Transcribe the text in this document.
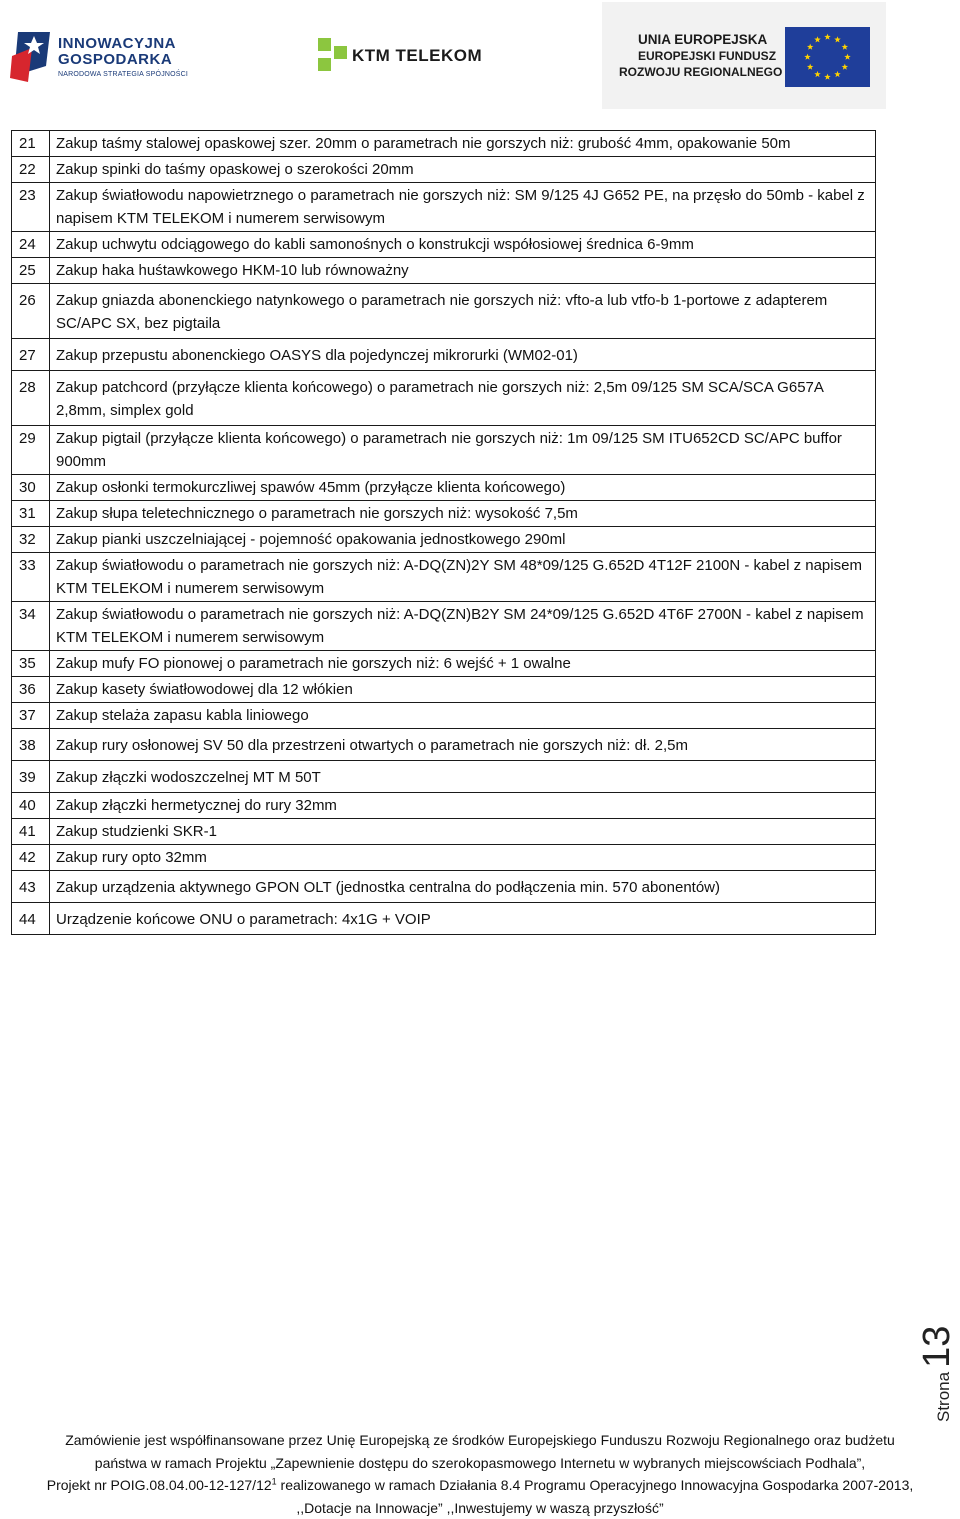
INNOWACYJNA
GOSPODARKA
NARODOWA STRATEGIA SPÓJNOŚCI
KTM TELEKOM
UNIA EUROPEJSKA
EUROPEJSKI FUNDUSZ
ROZWOJU REGIONALNEGO
21	Zakup taśmy stalowej opaskowej szer. 20mm o parametrach nie gorszych niż: grubość 4mm, opakowanie 50m
22	Zakup spinki do taśmy opaskowej o szerokości 20mm
23	Zakup światłowodu napowietrznego o parametrach nie gorszych niż: SM 9/125 4J G652 PE, na przęsło do 50mb - kabel z napisem KTM TELEKOM i numerem serwisowym
24	Zakup uchwytu odciągowego do kabli samonośnych o konstrukcji współosiowej średnica 6-9mm
25	Zakup haka huśtawkowego HKM-10 lub równoważny
26	Zakup gniazda abonenckiego natynkowego o parametrach nie gorszych niż: vfto-a lub vtfo-b 1-portowe z adapterem SC/APC SX, bez pigtaila
27	Zakup przepustu abonenckiego OASYS dla pojedynczej mikrorurki (WM02-01)
28	Zakup patchcord (przyłącze klienta końcowego) o parametrach nie gorszych niż: 2,5m 09/125 SM SCA/SCA G657A 2,8mm, simplex gold
29	Zakup pigtail (przyłącze klienta końcowego) o parametrach nie gorszych niż: 1m 09/125 SM ITU652CD SC/APC buffor 900mm
30	Zakup osłonki termokurczliwej spawów 45mm (przyłącze klienta końcowego)
31	Zakup słupa teletechnicznego o parametrach nie gorszych niż: wysokość 7,5m
32	Zakup pianki uszczelniającej - pojemność opakowania jednostkowego 290ml
33	Zakup światłowodu o parametrach nie gorszych niż: A-DQ(ZN)2Y SM 48*09/125 G.652D 4T12F 2100N - kabel z napisem KTM TELEKOM i numerem serwisowym
34	Zakup światłowodu o parametrach nie gorszych niż: A-DQ(ZN)B2Y SM 24*09/125 G.652D 4T6F 2700N - kabel z napisem KTM TELEKOM i numerem serwisowym
35	Zakup mufy FO pionowej o parametrach nie gorszych niż: 6 wejść + 1 owalne
36	Zakup kasety światłowodowej dla 12 włókien
37	Zakup stelaża zapasu kabla liniowego
38	Zakup rury osłonowej SV 50 dla przestrzeni otwartych o parametrach nie gorszych niż: dł. 2,5m
39	Zakup złączki wodoszczelnej MT M 50T
40	Zakup złączki hermetycznej do rury 32mm
41	Zakup studzienki SKR-1
42	Zakup rury opto 32mm
43	Zakup urządzenia aktywnego GPON OLT (jednostka centralna do podłączenia min. 570 abonentów)
44	Urządzenie końcowe ONU o parametrach: 4x1G + VOIP
Strona13
Zamówienie jest współfinansowane przez Unię Europejską ze środków Europejskiego Funduszu Rozwoju Regionalnego oraz budżetu
państwa w ramach Projektu „Zapewnienie dostępu do szerokopasmowego Internetu w wybranych miejscowściach Podhala”,
Projekt nr $POIG.08.04.00-12-127/12^1$ realizowanego w ramach Działania 8.4 Programu Operacyjnego Innowacyjna Gospodarka 2007-2013,
,,Dotacje na Innowacje” ,,Inwestujemy w waszą przyszłość”
